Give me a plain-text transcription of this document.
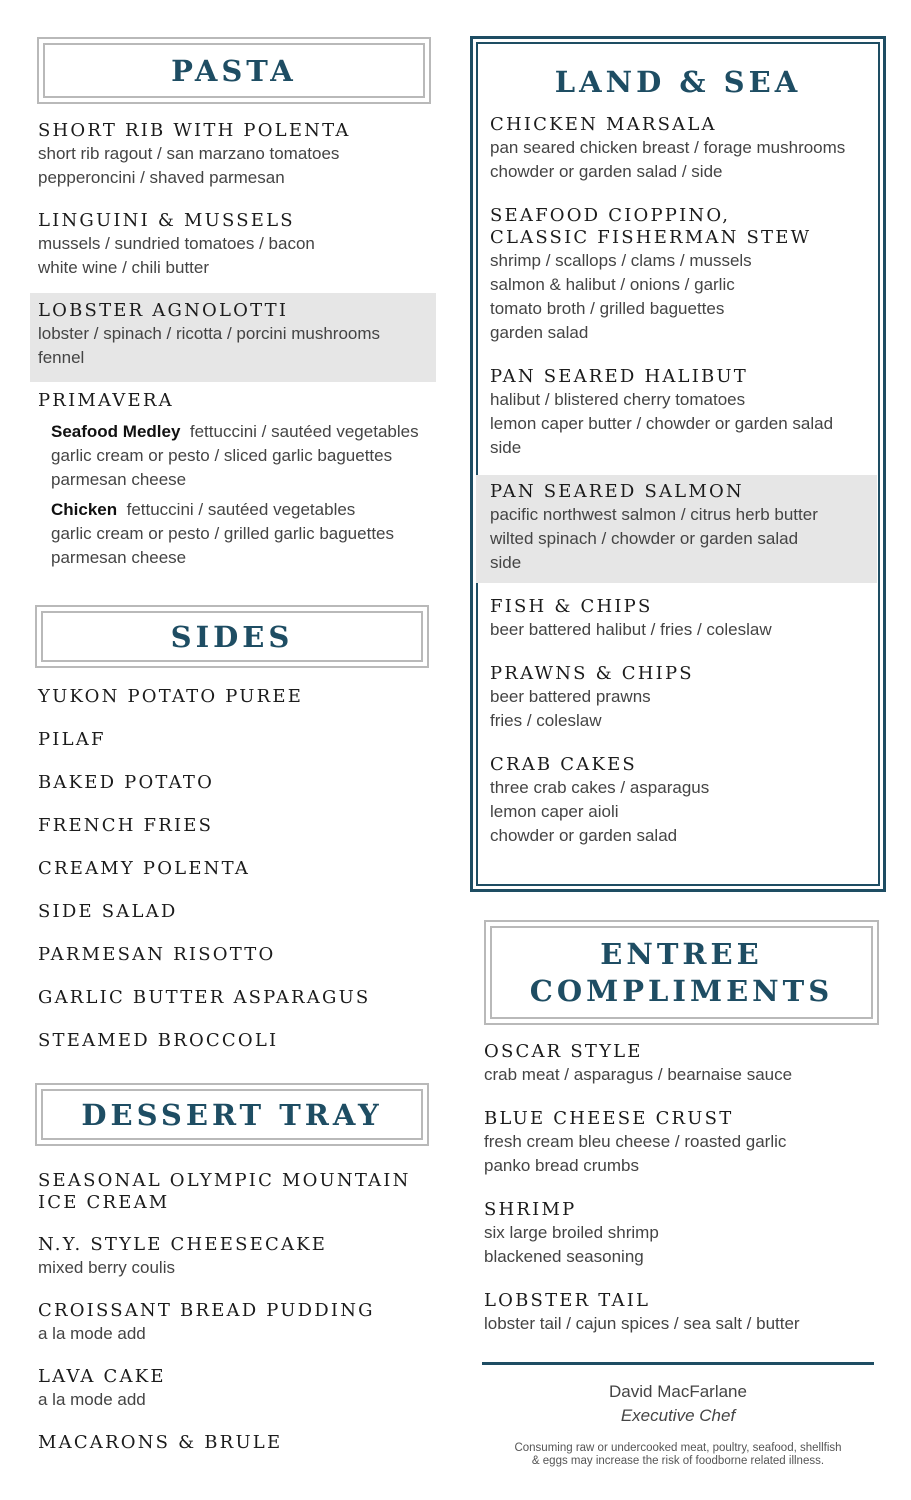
PASTA

SHORT RIB WITH POLENTA

short rib ragout / san marzano tomatoes
pepperoncini / shaved parmesan

LINGUINI & MUSSELS

mussels / sundried tomatoes / bacon
white wine / chili butter

LOBSTER AGNOLOTTI

lobster / spinach / ricotta / porcini mushrooms
fennel

PRIMAVERA

Seafood Medley fettuccini / sautéed vegetables
garlic cream or pesto / sliced garlic baguettes
parmesan cheese

Chicken fettuccini / sautéed vegetables
garlic cream or pesto / grilled garlic baguettes
parmesan cheese

SIDES

YUKON POTATO PUREE

PILAF

BAKED POTATO

FRENCH FRIES

CREAMY POLENTA

SIDE SALAD

PARMESAN RISOTTO

GARLIC BUTTER ASPARAGUS

STEAMED BROCCOLI

DESSERT TRAY

SEASONAL OLYMPIC MOUNTAIN
ICE CREAM

N.Y. STYLE CHEESECAKE

mixed berry coulis

CROISSANT BREAD PUDDING

a la mode add

LAVA CAKE

a la mode add

MACARONS & BRULE

LAND & SEA

CHICKEN MARSALA

pan seared chicken breast / forage mushrooms
chowder or garden salad / side

SEAFOOD CIOPPINO,
CLASSIC FISHERMAN STEW

shrimp / scallops / clams / mussels
salmon & halibut / onions / garlic
tomato broth / grilled baguettes
garden salad

PAN SEARED HALIBUT

halibut / blistered cherry tomatoes
lemon caper butter / chowder or garden salad
side

PAN SEARED SALMON

pacific northwest salmon / citrus herb butter
wilted spinach / chowder or garden salad
side

FISH & CHIPS

beer battered halibut / fries / coleslaw

PRAWNS & CHIPS

beer battered prawns
fries / coleslaw

CRAB CAKES

three crab cakes / asparagus
lemon caper aioli
chowder or garden salad

ENTREE
COMPLIMENTS

OSCAR STYLE

crab meat / asparagus / bearnaise sauce

BLUE CHEESE CRUST

fresh cream bleu cheese / roasted garlic
panko bread crumbs

SHRIMP

six large broiled shrimp
blackened seasoning

LOBSTER TAIL

lobster tail / cajun spices / sea salt / butter

David MacFarlane
Executive Chef
Consuming raw or undercooked meat, poultry, seafood, shellfish
& eggs may increase the risk of foodborne related illness.
